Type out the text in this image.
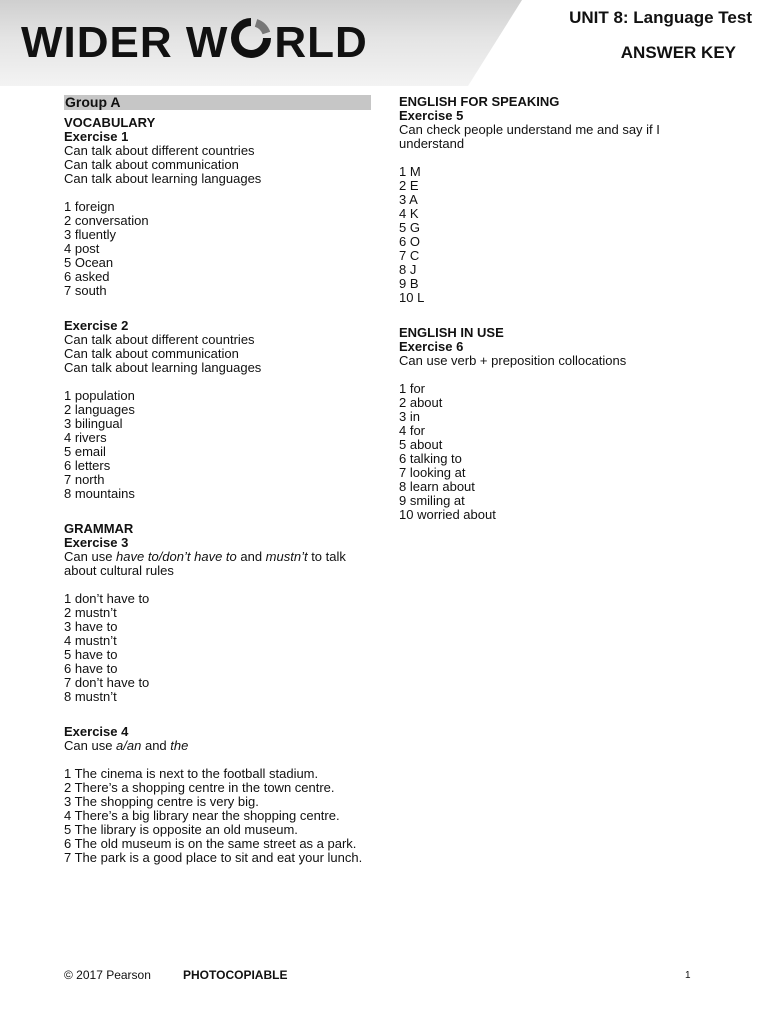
WIDER W RLD
UNIT 8: Language Test
ANSWER KEY
Group A
VOCABULARY
Exercise 1
Can talk about different countries
Can talk about communication
Can talk about learning languages
1 foreign
2 conversation
3 fluently
4 post
5 Ocean
6 asked
7 south
Exercise 2
Can talk about different countries
Can talk about communication
Can talk about learning languages
1 population
2 languages
3 bilingual
4 rivers
5 email
6 letters
7 north
8 mountains
GRAMMAR
Exercise 3
Can use have to/don’t have to and mustn’t to talk
about cultural rules
1 don’t have to
2 mustn’t
3 have to
4 mustn’t
5 have to
6 have to
7 don’t have to
8 mustn’t
Exercise 4
Can use a/an and the
1 The cinema is next to the football stadium.
2 There’s a shopping centre in the town centre.
3 The shopping centre is very big.
4 There’s a big library near the shopping centre.
5 The library is opposite an old museum.
6 The old museum is on the same street as a park.
7 The park is a good place to sit and eat your lunch.
ENGLISH FOR SPEAKING
Exercise 5
Can check people understand me and say if I
understand
1 M
2 E
3 A
4 K
5 G
6 O
7 C
8 J
9 B
10 L
ENGLISH IN USE
Exercise 6
Can use verb + preposition collocations
1 for
2 about
3 in
4 for
5 about
6 talking to
7 looking at
8 learn about
9 smiling at
10 worried about
© 2017 Pearson	PHOTOCOPIABLE	1
